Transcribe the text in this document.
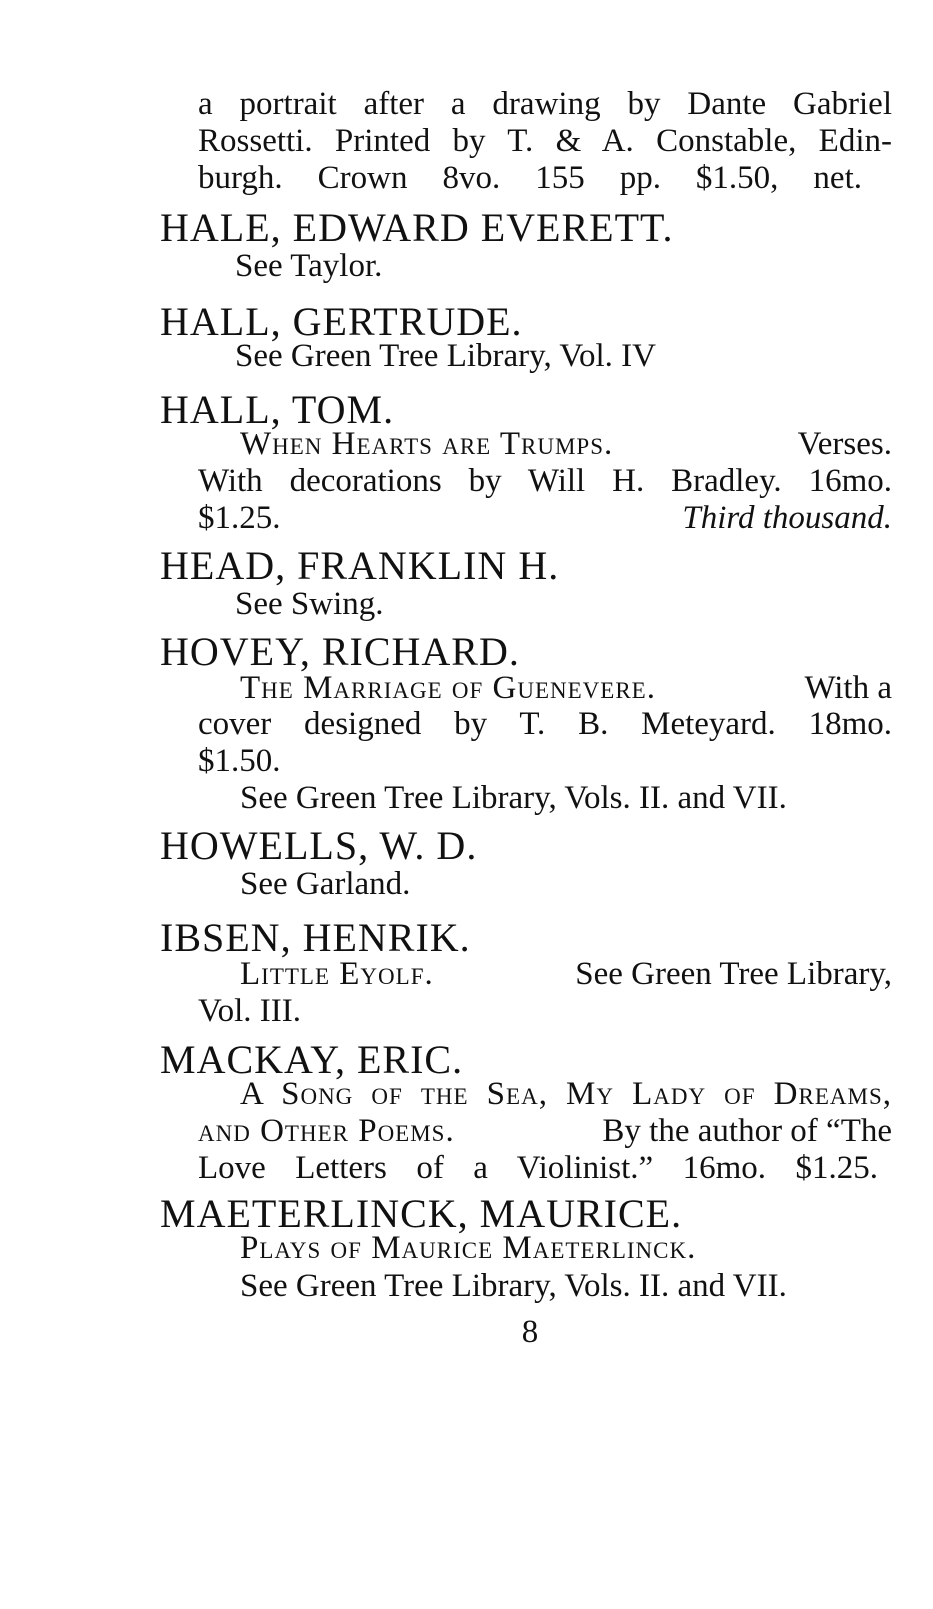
a portrait after a drawing by Dante Gabriel
Rossetti. Printed by T. & A. Constable, Edin-
burgh. Crown 8vo. 155 pp. $1.50, net.
HALE, EDWARD EVERETT.
See Taylor.
HALL, GERTRUDE.
See Green Tree Library, Vol. IV
HALL, TOM.
When Hearts are Trumps.	Verses.
With decorations by Will H. Bradley. 16mo.
$1.25.	Third thousand.
HEAD, FRANKLIN H.
See Swing.
HOVEY, RICHARD.
The Marriage of Guenevere.	With a
cover designed by T. B. Meteyard. 18mo.
$1.50.
See Green Tree Library, Vols. II. and VII.
HOWELLS, W. D.
See Garland.
IBSEN, HENRIK.
Little Eyolf.	See Green Tree Library,
Vol. III.
MACKAY, ERIC.
A Song of the Sea, My Lady of Dreams,
and Other Poems.	By the author of “The
Love Letters of a Violinist.” 16mo. $1.25.
MAETERLINCK, MAURICE.
Plays of Maurice Maeterlinck.
See Green Tree Library, Vols. II. and VII.
8
